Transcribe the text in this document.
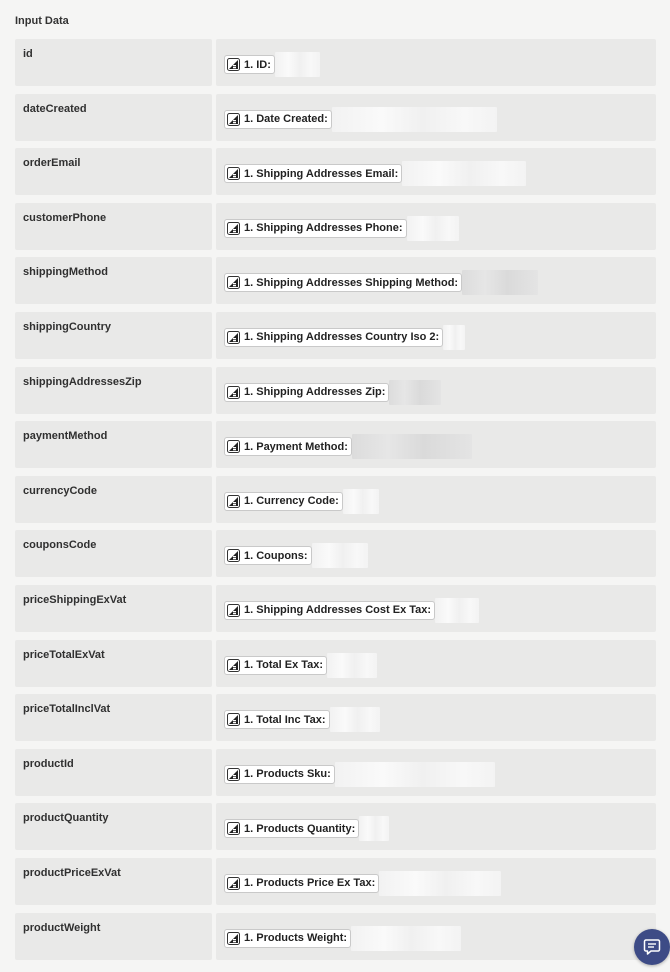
Input Data
id
1. ID:
dateCreated
1. Date Created:
orderEmail
1. Shipping Addresses Email:
customerPhone
1. Shipping Addresses Phone:
shippingMethod
1. Shipping Addresses Shipping Method:
shippingCountry
1. Shipping Addresses Country Iso 2:
shippingAddressesZip
1. Shipping Addresses Zip:
paymentMethod
1. Payment Method:
currencyCode
1. Currency Code:
couponsCode
1. Coupons:
priceShippingExVat
1. Shipping Addresses Cost Ex Tax:
priceTotalExVat
1. Total Ex Tax:
priceTotalInclVat
1. Total Inc Tax:
productId
1. Products Sku:
productQuantity
1. Products Quantity:
productPriceExVat
1. Products Price Ex Tax:
productWeight
1. Products Weight:
